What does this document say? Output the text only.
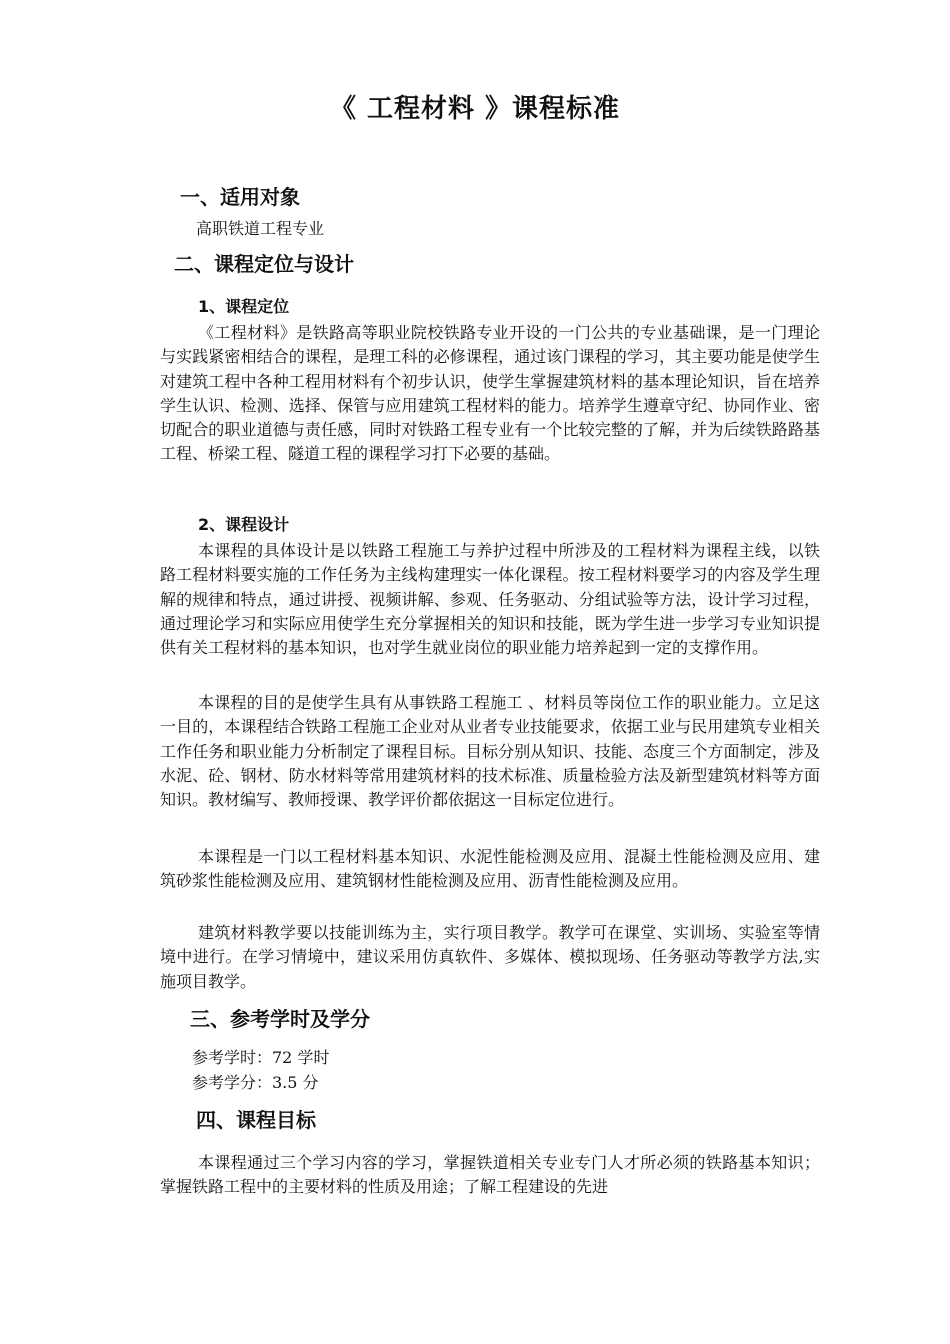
《 工程材料 》课程标准
一、适用对象
高职铁道工程专业
二、课程定位与设计
1、课程定位
《工程材料》是铁路高等职业院校铁路专业开设的一门公共的专业基础课，是一门理论与实践紧密相结合的课程，是理工科的必修课程，通过该门课程的学习，其主要功能是使学生对建筑工程中各种工程用材料有个初步认识，使学生掌握建筑材料的基本理论知识，旨在培养学生认识、检测、选择、保管与应用建筑工程材料的能力。培养学生遵章守纪、协同作业、密切配合的职业道德与责任感，同时对铁路工程专业有一个比较完整的了解，并为后续铁路路基工程、桥梁工程、隧道工程的课程学习打下必要的基础。
2、课程设计
本课程的具体设计是以铁路工程施工与养护过程中所涉及的工程材料为课程主线，以铁路工程材料要实施的工作任务为主线构建理实一体化课程。按工程材料要学习的内容及学生理解的规律和特点，通过讲授、视频讲解、参观、任务驱动、分组试验等方法，设计学习过程，通过理论学习和实际应用使学生充分掌握相关的知识和技能，既为学生进一步学习专业知识提供有关工程材料的基本知识，也对学生就业岗位的职业能力培养起到一定的支撑作用。
本课程的目的是使学生具有从事铁路工程施工 、材料员等岗位工作的职业能力。立足这一目的，本课程结合铁路工程施工企业对从业者专业技能要求，依据工业与民用建筑专业相关工作任务和职业能力分析制定了课程目标。目标分别从知识、技能、态度三个方面制定，涉及 水泥、砼、钢材、防水材料等常用建筑材料的技术标准、质量检验方法及新型建筑材料等方面知识。教材编写、教师授课、教学评价都依据这一目标定位进行。
本课程是一门以工程材料基本知识、水泥性能检测及应用、混凝土性能检测及应用、建筑砂浆性能检测及应用、建筑钢材性能检测及应用、沥青性能检测及应用。
建筑材料教学要以技能训练为主，实行项目教学。教学可在课堂、实训场、实验室等情境中进行。在学习情境中，建议采用仿真软件、多媒体、模拟现场、任务驱动等教学方法,实施项目教学。
三、参考学时及学分
参考学时：72 学时
参考学分：3.5 分
四、课程目标
本课程通过三个学习内容的学习，掌握铁道相关专业专门人才所必须的铁路基本知识；掌握铁路工程中的主要材料的性质及用途；了解工程建设的先进
